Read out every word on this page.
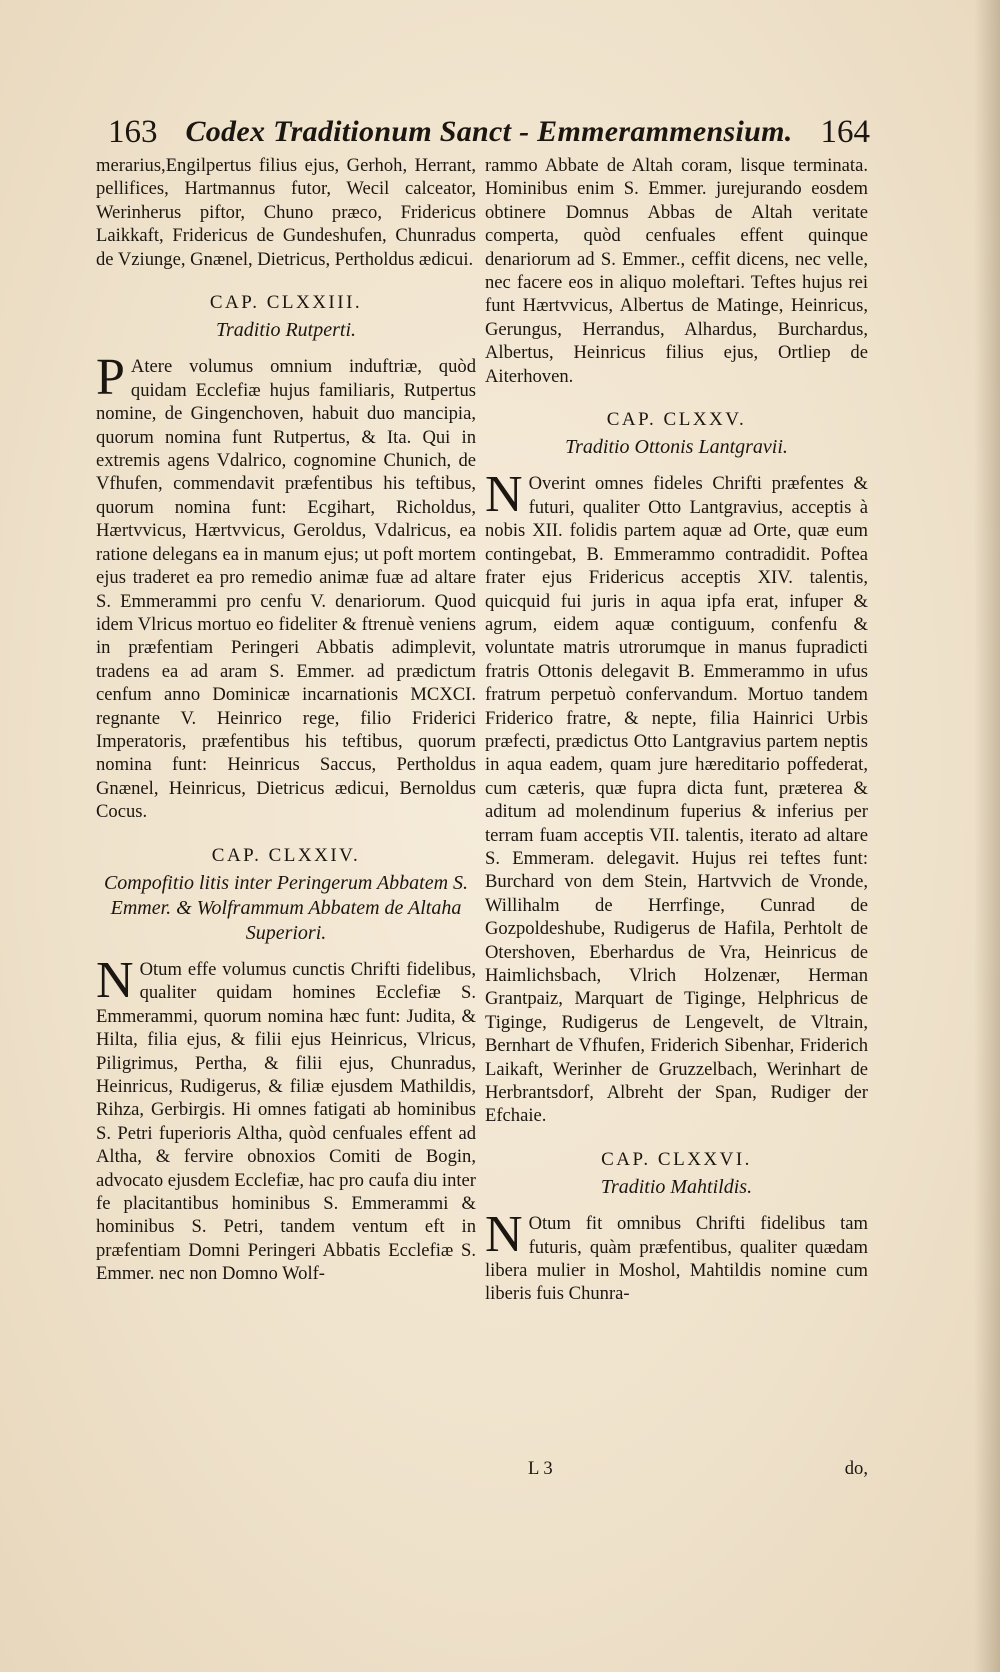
163 Codex Traditionum Sanct - Emmerammensium. 164

merarius,Engilpertus filius ejus, Gerhoh, Herrant, pellifices, Hartmannus futor, Wecil calceator, Werinherus piftor, Chuno præco, Fridericus Laikkaft, Fridericus de Gundeshufen, Chunradus de Vziunge, Gnænel, Dietricus, Pertholdus ædicui.

CAP. CLXXIII.
Traditio Rutperti.

P Atere volumus omnium induftriæ, quòd quidam Ecclefiæ hujus familiaris, Rutpertus nomine, de Gingenchoven, habuit duo mancipia, quorum nomina funt Rutpertus, & Ita. Qui in extremis agens Vdalrico, cognomine Chunich, de Vfhufen, commendavit præfentibus his teftibus, quorum nomina funt: Ecgihart, Richoldus, Hærtvvicus, Hærtvvicus, Geroldus, Vdalricus, ea ratione delegans ea in manum ejus; ut poft mortem ejus traderet ea pro remedio animæ fuæ ad altare S. Emmerammi pro cenfu V. denariorum. Quod idem Vlricus mortuo eo fideliter & ftrenuè veniens in præfentiam Peringeri Abbatis adimplevit, tradens ea ad aram S. Emmer. ad prædictum cenfum anno Dominicæ incarnationis MCXCI. regnante V. Heinrico rege, filio Friderici Imperatoris, præfentibus his teftibus, quorum nomina funt: Heinricus Saccus, Pertholdus Gnænel, Heinricus, Dietricus ædicui, Bernoldus Cocus.

CAP. CLXXIV.
Compofitio litis inter Peringerum Abbatem S. Emmer. & Wolframmum Abbatem de Altaha Superiori.

N Otum effe volumus cunctis Chrifti fidelibus, qualiter quidam homines Ecclefiæ S. Emmerammi, quorum nomina hæc funt: Judita, & Hilta, filia ejus, & filii ejus Heinricus, Vlricus, Piligrimus, Pertha, & filii ejus, Chunradus, Heinricus, Rudigerus, & filiæ ejusdem Mathildis, Rihza, Gerbirgis. Hi omnes fatigati ab hominibus S. Petri fuperioris Altha, quòd cenfuales effent ad Altha, & fervire obnoxios Comiti de Bogin, advocato ejusdem Ecclefiæ, hac pro caufa diu inter fe placitantibus hominibus S. Emmerammi & hominibus S. Petri, tandem ventum eft in præfentiam Domni Peringeri Abbatis Ecclefiæ S. Emmer. nec non Domno Wolf-

rammo Abbate de Altah coram, lisque terminata. Hominibus enim S. Emmer. jurejurando eosdem obtinere Domnus Abbas de Altah veritate comperta, quòd cenfuales effent quinque denariorum ad S. Emmer., ceffit dicens, nec velle, nec facere eos in aliquo moleftari. Teftes hujus rei funt Hærtvvicus, Albertus de Matinge, Heinricus, Gerungus, Herrandus, Alhardus, Burchardus, Albertus, Heinricus filius ejus, Ortliep de Aiterhoven.

CAP. CLXXV.
Traditio Ottonis Lantgravii.

N Overint omnes fideles Chrifti præfentes & futuri, qualiter Otto Lantgravius, acceptis à nobis XII. folidis partem aquæ ad Orte, quæ eum contingebat, B. Emmerammo contradidit. Poftea frater ejus Fridericus acceptis XIV. talentis, quicquid fui juris in aqua ipfa erat, infuper & agrum, eidem aquæ contiguum, confenfu & voluntate matris utrorumque in manus fupradicti fratris Ottonis delegavit B. Emmerammo in ufus fratrum perpetuò confervandum. Mortuo tandem Friderico fratre, & nepte, filia Hainrici Urbis præfecti, prædictus Otto Lantgravius partem neptis in aqua eadem, quam jure hæreditario poffederat, cum cæteris, quæ fupra dicta funt, præterea & aditum ad molendinum fuperius & inferius per terram fuam acceptis VII. talentis, iterato ad altare S. Emmeram. delegavit. Hujus rei teftes funt: Burchard von dem Stein, Hartvvich de Vronde, Willihalm de Herrfinge, Cunrad de Gozpoldeshube, Rudigerus de Hafila, Perhtolt de Otershoven, Eberhardus de Vra, Heinricus de Haimlichsbach, Vlrich Holzenær, Herman Grantpaiz, Marquart de Tiginge, Helphricus de Tiginge, Rudigerus de Lengevelt, de Vltrain, Bernhart de Vfhufen, Friderich Sibenhar, Friderich Laikaft, Werinher de Gruzzelbach, Werinhart de Herbrantsdorf, Albreht der Span, Rudiger der Efchaie.

CAP. CLXXVI.
Traditio Mahtildis.

N Otum fit omnibus Chrifti fidelibus tam futuris, quàm præfentibus, qualiter quædam libera mulier in Moshol, Mahtildis nomine cum liberis fuis Chunra-

L 3	do,
